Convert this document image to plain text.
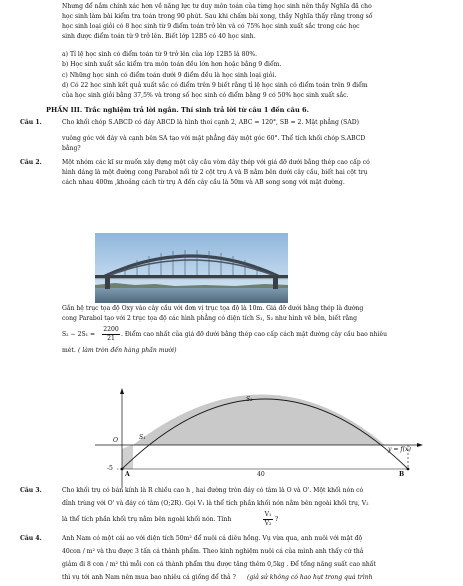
Nhưng để nắm chính xác hơn về năng lực tư duy môn toán của từng học sinh nên thầy Nghĩa đã cho
học sinh làm bài kiểm tra toán trong 90 phút. Sau khi chấm bài xong, thầy Nghĩa thấy rằng trong số
học sinh loại giỏi có 8 học sinh từ 9 điểm toán trở lên và có 75% học sinh xuất sắc trong các học
sinh được điểm toán từ 9 trở lên. Biết lớp 12B5 có 40 học sinh.
a) Tỉ lệ học sinh có điểm toán từ 9 trở lên của lớp 12B5 là 80%.
b) Học sinh xuất sắc kiểm tra môn toán đều lớn hơn hoặc bằng 9 điểm.
c) Những học sinh có điểm toán dưới 9 điểm đều là học sinh loại giỏi.
d) Có 22 học sinh kết quả xuất sắc có điểm trên 9 biết rằng tỉ lệ học sinh có điểm toán trên 9 điểm
của học sinh giỏi bằng 37,5% và trong số học sinh có điểm bằng 9 có 50% học sinh xuất sắc.
PHẦN III. Trắc nghiệm trả lời ngắn. Thí sinh trả lời từ câu 1 đến câu 6.
Câu 1.	Cho khối chóp S.ABCD có đáy ABCD là hình thoi cạnh 2, ABC = 120°, SB = 2. Mặt phẳng (SAD)
vuông góc với đáy và cạnh bên SA tạo với mặt phẳng đáy một góc 60°. Thể tích khối chóp S.ABCD
bằng?
Câu 2.	Một nhóm các kĩ sư muốn xây dựng một cây cầu vòm dây thép với giá đỡ dưới bằng thép cao cấp có
hình dáng là một đường cong Parabol nối từ 2 cột trụ A và B nằm bên dưới cây cầu, biết hai cột trụ
cách nhau 400m ,khoảng cách từ trụ A đến cây cầu là 50m và AB song song với mặt đường.
Gắn hệ trục tọa độ Oxy vào cây cầu với đơn vị trục tọa độ là 10m. Giá đỡ dưới bằng thép là đường
cong Parabol tạo với 2 trục tọa độ các hình phẳng có diện tích S₁, S₂ như hình vẽ bên, biết rằng
S₂ − 2S₁ =
2200
21
. Điểm cao nhất của giá đỡ dưới bằng thép cao cấp cách mặt đường cây cầu bao nhiêu
mét. ( làm tròn đến hàng phần mười)
S₂
S₁
O
-5
A	40	B
y = f(x)
Câu 3.	Cho khối trụ có bán kính là R chiều cao h , hai đường tròn đáy có tâm là O và O'. Một khối nón có
đỉnh trùng với O' và đáy có tâm (O;2R). Gọi V₁ là thể tích phần khối nón nằm bên ngoài khối trụ, V₂
là thể tích phần khối trụ nằm bên ngoài khối nón. Tính
V₁
V₂
?
Câu 4.	Anh Nam có một cái ao với diện tích 50m² để nuôi cá diêu hồng. Vụ vừa qua, anh nuôi với mật độ
40con / m² và thu được 3 tấn cá thành phẩm. Theo kinh nghiệm nuôi cá của mình anh thấy cứ thả
giảm đi 8 con / m² thì mỗi con cá thành phẩm thu được tăng thêm 0,5kg . Để tổng năng suất cao nhất
thì vụ tới anh Nam nên mua bao nhiêu cá giống để thả ? (giả sử không có hao hụt trong quá trình
